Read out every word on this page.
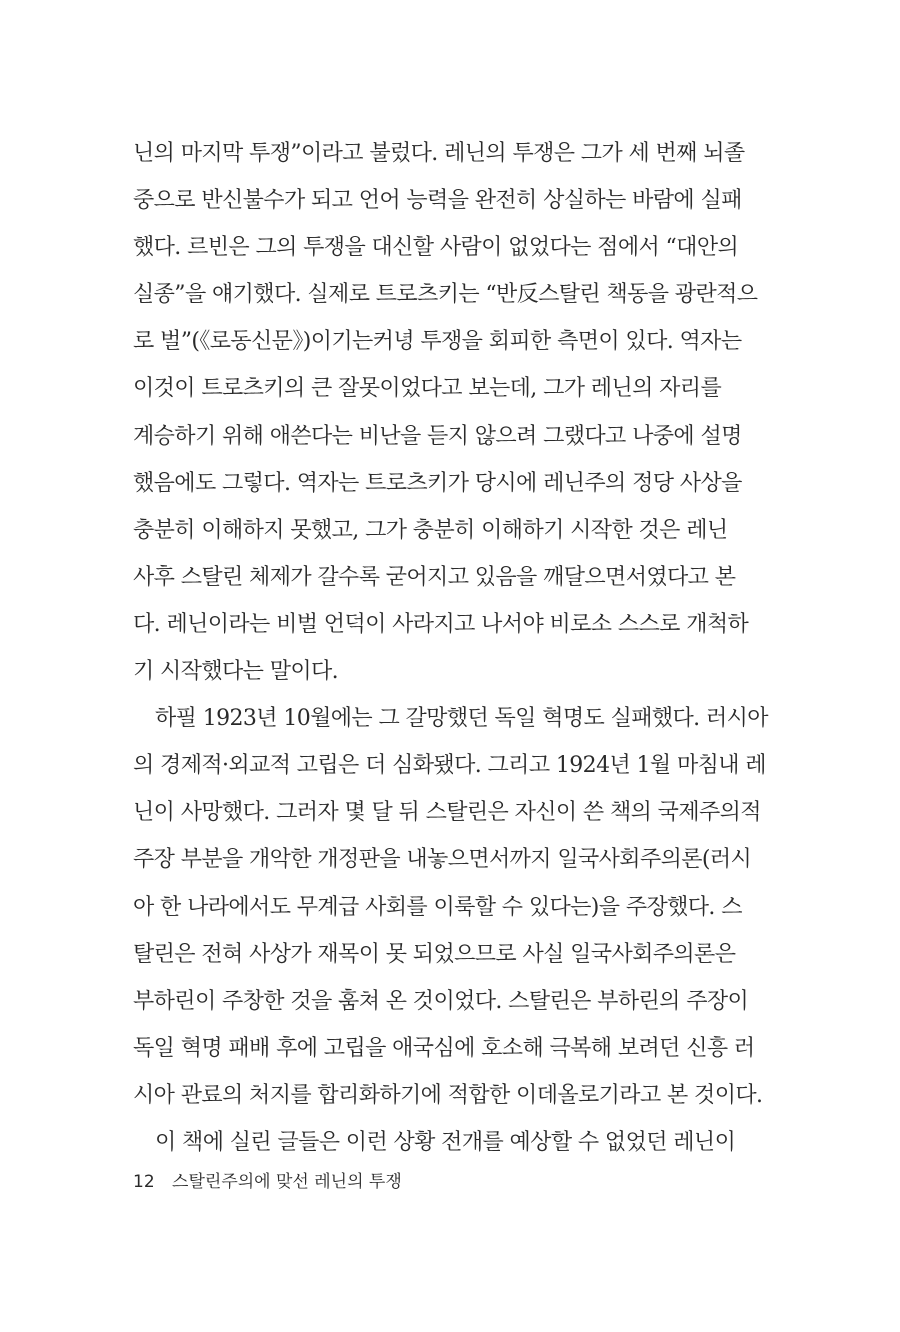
닌의 마지막 투쟁”이라고 불렀다. 레닌의 투쟁은 그가 세 번째 뇌졸
중으로 반신불수가 되고 언어 능력을 완전히 상실하는 바람에 실패
했다. 르빈은 그의 투쟁을 대신할 사람이 없었다는 점에서 “대안의
실종”을 얘기했다. 실제로 트로츠키는 “반反스탈린 책동을 광란적으
로 벌”(《로동신문》)이기는커녕 투쟁을 회피한 측면이 있다. 역자는
이것이 트로츠키의 큰 잘못이었다고 보는데, 그가 레닌의 자리를
계승하기 위해 애쓴다는 비난을 듣지 않으려 그랬다고 나중에 설명
했음에도 그렇다. 역자는 트로츠키가 당시에 레닌주의 정당 사상을
충분히 이해하지 못했고, 그가 충분히 이해하기 시작한 것은 레닌
사후 스탈린 체제가 갈수록 굳어지고 있음을 깨달으면서였다고 본
다. 레닌이라는 비벌 언덕이 사라지고 나서야 비로소 스스로 개척하
기 시작했다는 말이다.
하필 1923년 10월에는 그 갈망했던 독일 혁명도 실패했다. 러시아
의 경제적·외교적 고립은 더 심화됐다. 그리고 1924년 1월 마침내 레
닌이 사망했다. 그러자 몇 달 뒤 스탈린은 자신이 쓴 책의 국제주의적
주장 부분을 개악한 개정판을 내놓으면서까지 일국사회주의론(러시
아 한 나라에서도 무계급 사회를 이룩할 수 있다는)을 주장했다. 스
탈린은 전혀 사상가 재목이 못 되었으므로 사실 일국사회주의론은
부하린이 주창한 것을 훔쳐 온 것이었다. 스탈린은 부하린의 주장이
독일 혁명 패배 후에 고립을 애국심에 호소해 극복해 보려던 신흥 러
시아 관료의 처지를 합리화하기에 적합한 이데올로기라고 본 것이다.
이 책에 실린 글들은 이런 상황 전개를 예상할 수 없었던 레닌이
12 스탈린주의에 맞선 레닌의 투쟁
